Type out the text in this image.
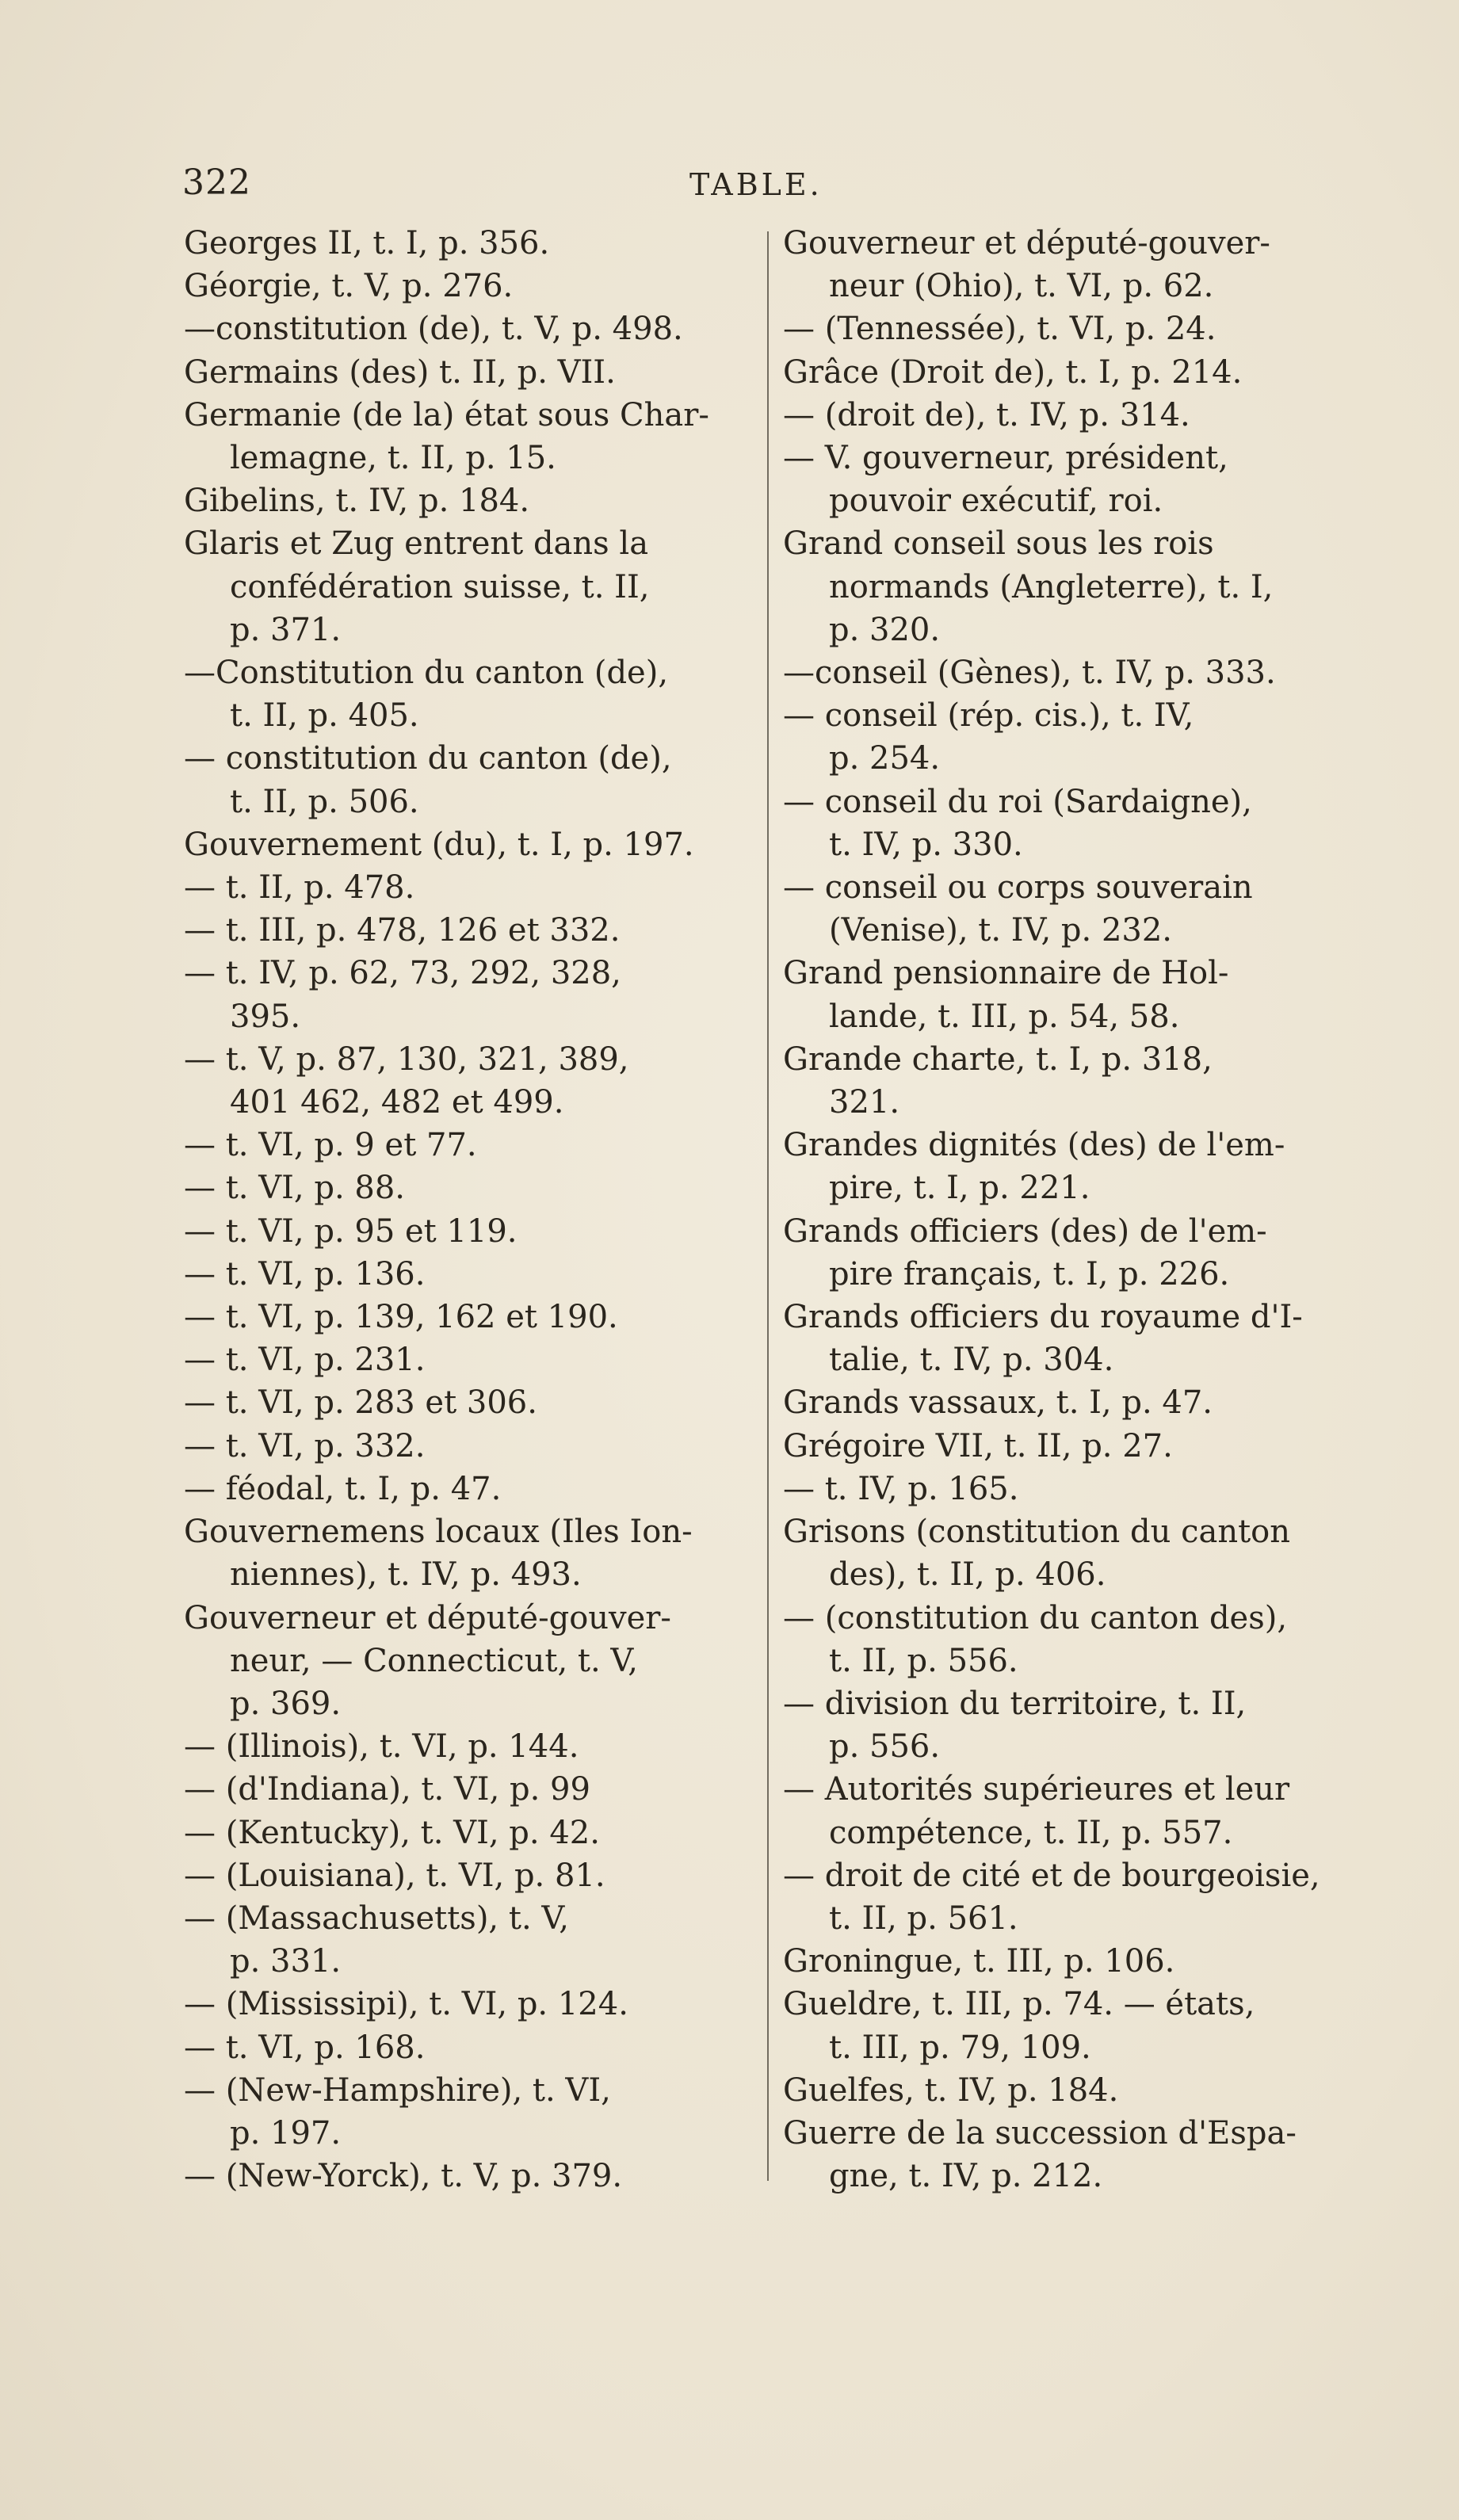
322	TABLE.
Georges II, t. I, p. 356.
Géorgie, t. V, p. 276.
—constitution (de), t. V, p. 498.
Germains (des) t. II, p. VII.
Germanie (de la) état sous Char-
lemagne, t. II, p. 15.
Gibelins, t. IV, p. 184.
Glaris et Zug entrent dans la
confédération suisse, t. II,
p. 371.
—Constitution du canton (de),
t. II, p. 405.
— constitution du canton (de),
t. II, p. 506.
Gouvernement (du), t. I, p. 197.
— t. II, p. 478.
— t. III, p. 478, 126 et 332.
— t. IV, p. 62, 73, 292, 328,
395.
— t. V, p. 87, 130, 321, 389,
401 462, 482 et 499.
— t. VI, p. 9 et 77.
— t. VI, p. 88.
— t. VI, p. 95 et 119.
— t. VI, p. 136.
— t. VI, p. 139, 162 et 190.
— t. VI, p. 231.
— t. VI, p. 283 et 306.
— t. VI, p. 332.
— féodal, t. I, p. 47.
Gouvernemens locaux (Iles Ion-
niennes), t. IV, p. 493.
Gouverneur et député-gouver-
neur, — Connecticut, t. V,
p. 369.
— (Illinois), t. VI, p. 144.
— (d'Indiana), t. VI, p. 99
— (Kentucky), t. VI, p. 42.
— (Louisiana), t. VI, p. 81.
— (Massachusetts), t. V,
p. 331.
— (Mississipi), t. VI, p. 124.
— t. VI, p. 168.
— (New-Hampshire), t. VI,
p. 197.
— (New-Yorck), t. V, p. 379.
Gouverneur et député-gouver-
neur (Ohio), t. VI, p. 62.
— (Tennessée), t. VI, p. 24.
Grâce (Droit de), t. I, p. 214.
— (droit de), t. IV, p. 314.
— V. gouverneur, président,
pouvoir exécutif, roi.
Grand conseil sous les rois
normands (Angleterre), t. I,
p. 320.
—conseil (Gènes), t. IV, p. 333.
— conseil (rép. cis.), t. IV,
p. 254.
— conseil du roi (Sardaigne),
t. IV, p. 330.
— conseil ou corps souverain
(Venise), t. IV, p. 232.
Grand pensionnaire de Hol-
lande, t. III, p. 54, 58.
Grande charte, t. I, p. 318,
321.
Grandes dignités (des) de l'em-
pire, t. I, p. 221.
Grands officiers (des) de l'em-
pire français, t. I, p. 226.
Grands officiers du royaume d'I-
talie, t. IV, p. 304.
Grands vassaux, t. I, p. 47.
Grégoire VII, t. II, p. 27.
— t. IV, p. 165.
Grisons (constitution du canton
des), t. II, p. 406.
— (constitution du canton des),
t. II, p. 556.
— division du territoire, t. II,
p. 556.
— Autorités supérieures et leur
compétence, t. II, p. 557.
— droit de cité et de bourgeoisie,
t. II, p. 561.
Groningue, t. III, p. 106.
Gueldre, t. III, p. 74. — états,
t. III, p. 79, 109.
Guelfes, t. IV, p. 184.
Guerre de la succession d'Espa-
gne, t. IV, p. 212.
